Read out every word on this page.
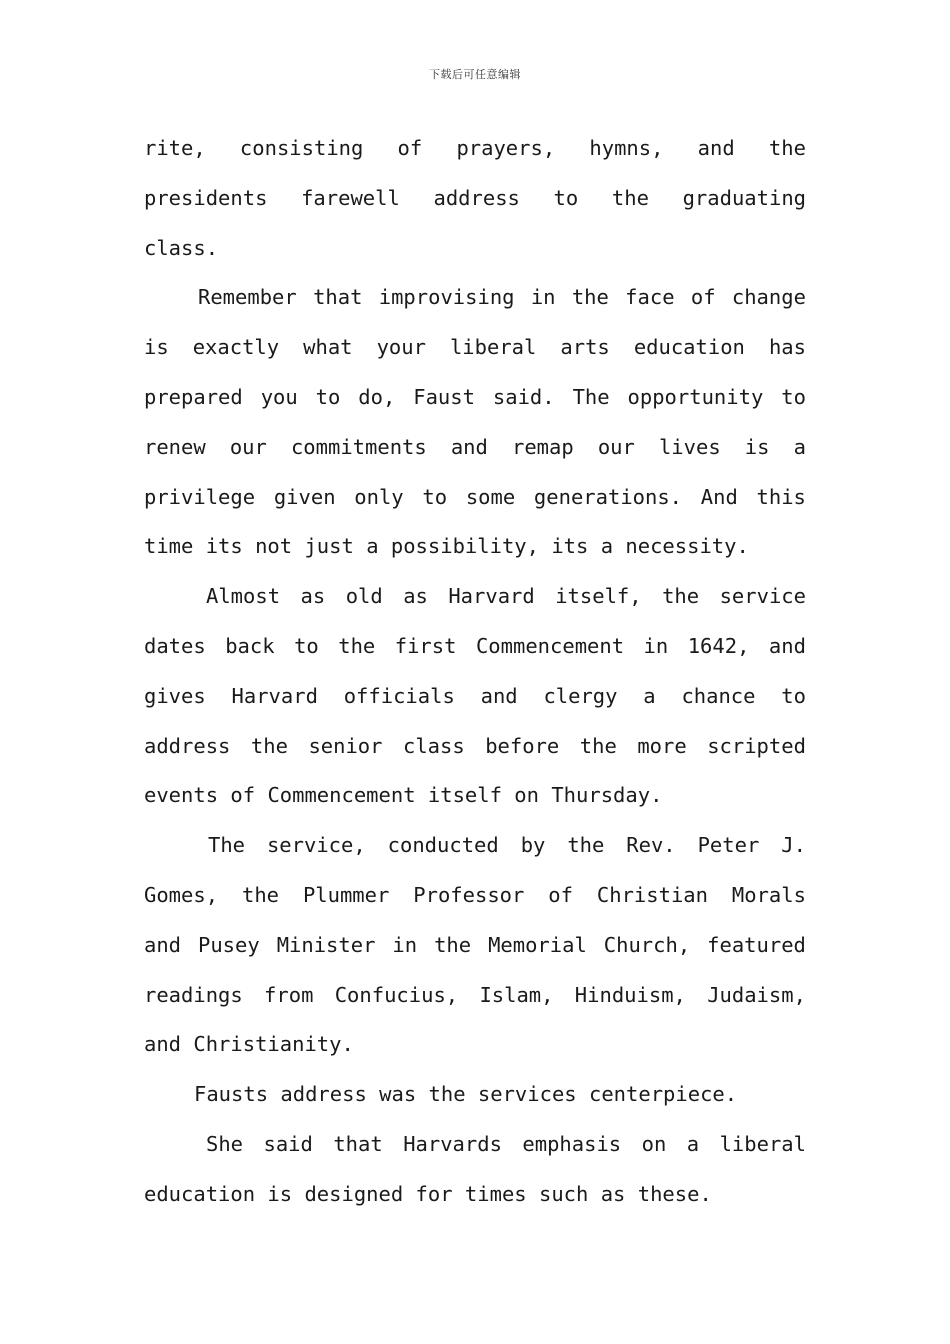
下载后可任意编辑
rite, consisting of prayers, hymns, and the
presidents farewell address to the graduating
class.
Remember that improvising in the face of change
is exactly what your liberal arts education has
prepared you to do, Faust said. The opportunity to
renew our commitments and remap our lives is a
privilege given only to some generations. And this
time its not just a possibility, its a necessity.
Almost as old as Harvard itself, the service
dates back to the first Commencement in 1642, and
gives Harvard officials and clergy a chance to
address the senior class before the more scripted
events of Commencement itself on Thursday.
The service, conducted by the Rev. Peter J.
Gomes, the Plummer Professor of Christian Morals
and Pusey Minister in the Memorial Church, featured
readings from Confucius, Islam, Hinduism, Judaism,
and Christianity.
Fausts address was the services centerpiece.
She said that Harvards emphasis on a liberal
education is designed for times such as these.
